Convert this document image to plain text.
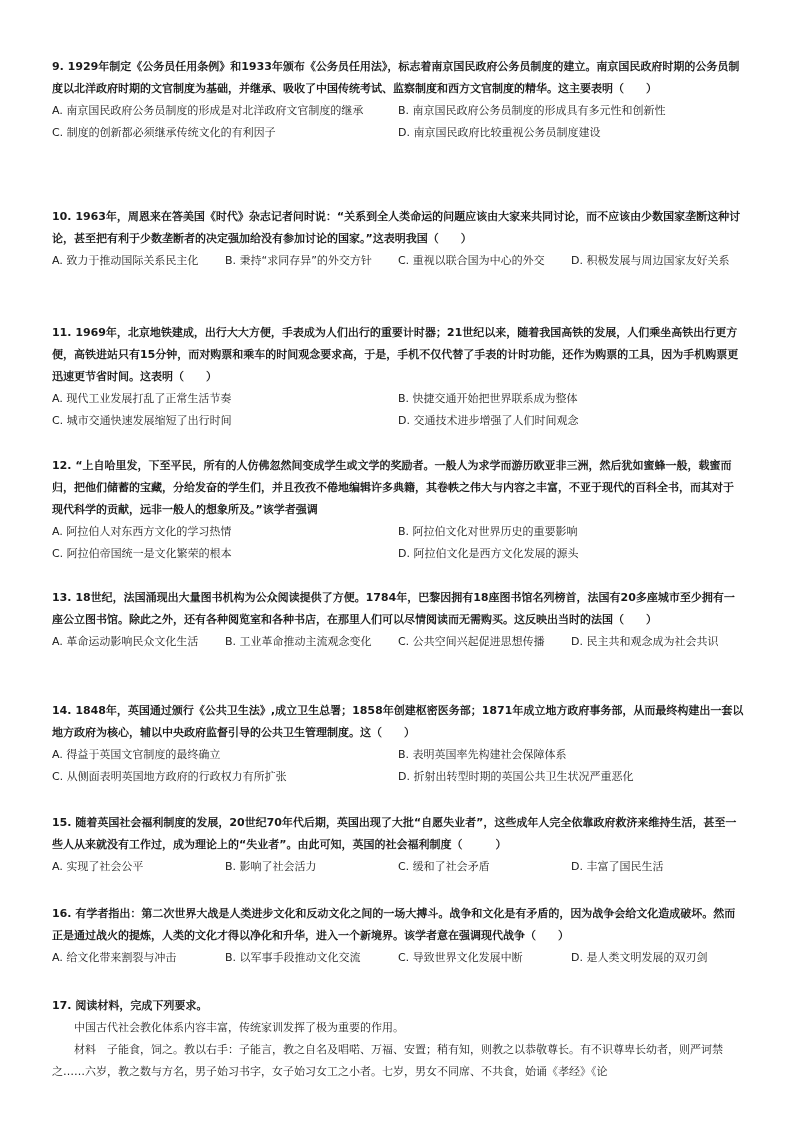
9. 1929年制定《公务员任用条例》和1933年颁布《公务员任用法》，标志着南京国民政府公务员制度的建立。南京国民政府时期的公务员制度以北洋政府时期的文官制度为基础，并继承、吸收了中国传统考试、监察制度和西方文官制度的精华。这主要表明（　　）

A. 南京国民政府公务员制度的形成是对北洋政府文官制度的继承	B. 南京国民政府公务员制度的形成具有多元性和创新性
C. 制度的创新都必须继承传统文化的有利因子	D. 南京国民政府比较重视公务员制度建设

10. 1963年，周恩来在答美国《时代》杂志记者问时说：“关系到全人类命运的问题应该由大家来共同讨论，而不应该由少数国家垄断这种讨论，甚至把有利于少数垄断者的决定强加给没有参加讨论的国家。”这表明我国（　　）

A. 致力于推动国际关系民主化	B. 秉持“求同存异”的外交方针	C. 重视以联合国为中心的外交	D. 积极发展与周边国家友好关系

11. 1969年，北京地铁建成，出行大大方便，手表成为人们出行的重要计时器；21世纪以来，随着我国高铁的发展，人们乘坐高铁出行更方便，高铁进站只有15分钟，而对购票和乘车的时间观念要求高，于是，手机不仅代替了手表的计时功能，还作为购票的工具，因为手机购票更迅速更节省时间。这表明（　　）

A. 现代工业发展打乱了正常生活节奏	B. 快捷交通开始把世界联系成为整体
C. 城市交通快速发展缩短了出行时间	D. 交通技术进步增强了人们时间观念

12. “上自哈里发，下至平民，所有的人仿佛忽然间变成学生或文学的奖励者。一般人为求学而游历欧亚非三洲，然后犹如蜜蜂一般，载蜜而归，把他们储蓄的宝藏，分给发奋的学生们，并且孜孜不倦地编辑许多典籍，其卷帙之伟大与内容之丰富，不亚于现代的百科全书，而其对于现代科学的贡献，远非一般人的想象所及。”该学者强调

A. 阿拉伯人对东西方文化的学习热情	B. 阿拉伯文化对世界历史的重要影响
C. 阿拉伯帝国统一是文化繁荣的根本	D. 阿拉伯文化是西方文化发展的源头

13. 18世纪，法国涌现出大量图书机构为公众阅读提供了方便。1784年，巴黎因拥有18座图书馆名列榜首，法国有20多座城市至少拥有一座公立图书馆。除此之外，还有各种阅览室和各种书店，在那里人们可以尽情阅读而无需购买。这反映出当时的法国（　　）

A. 革命运动影响民众文化生活	B. 工业革命推动主流观念变化	C. 公共空间兴起促进思想传播	D. 民主共和观念成为社会共识

14. 1848年，英国通过颁行《公共卫生法》,成立卫生总署；1858年创建枢密医务部；1871年成立地方政府事务部，从而最终构建出一套以地方政府为核心，辅以中央政府监督引导的公共卫生管理制度。这（　　）

A. 得益于英国文官制度的最终确立	B. 表明英国率先构建社会保障体系
C. 从侧面表明英国地方政府的行政权力有所扩张	D. 折射出转型时期的英国公共卫生状况严重恶化

15. 随着英国社会福利制度的发展，20世纪70年代后期，英国出现了大批“自愿失业者”，这些成年人完全依靠政府救济来维持生活，甚至一些人从来就没有工作过，成为理论上的“失业者”。由此可知，英国的社会福利制度（　　　）

A. 实现了社会公平	B. 影响了社会活力	C. 缓和了社会矛盾	D. 丰富了国民生活

16. 有学者指出：第二次世界大战是人类进步文化和反动文化之间的一场大搏斗。战争和文化是有矛盾的，因为战争会给文化造成破坏。然而正是通过战火的提炼，人类的文化才得以净化和升华，进入一个新境界。该学者意在强调现代战争（　　）

A. 给文化带来割裂与冲击	B. 以军事手段推动文化交流	C. 导致世界文化发展中断	D. 是人类文明发展的双刃剑

17. 阅读材料，完成下列要求。

中国古代社会教化体系内容丰富，传统家训发挥了极为重要的作用。

材料　子能食，饲之。教以右手：子能言，教之自名及唱喏、万福、安置；稍有知，则教之以恭敬尊长。有不识尊卑长幼者，则严诃禁之……六岁，教之数与方名，男子始习书字，女子始习女工之小者。七岁，男女不同席、不共食，始诵《孝经》《论
